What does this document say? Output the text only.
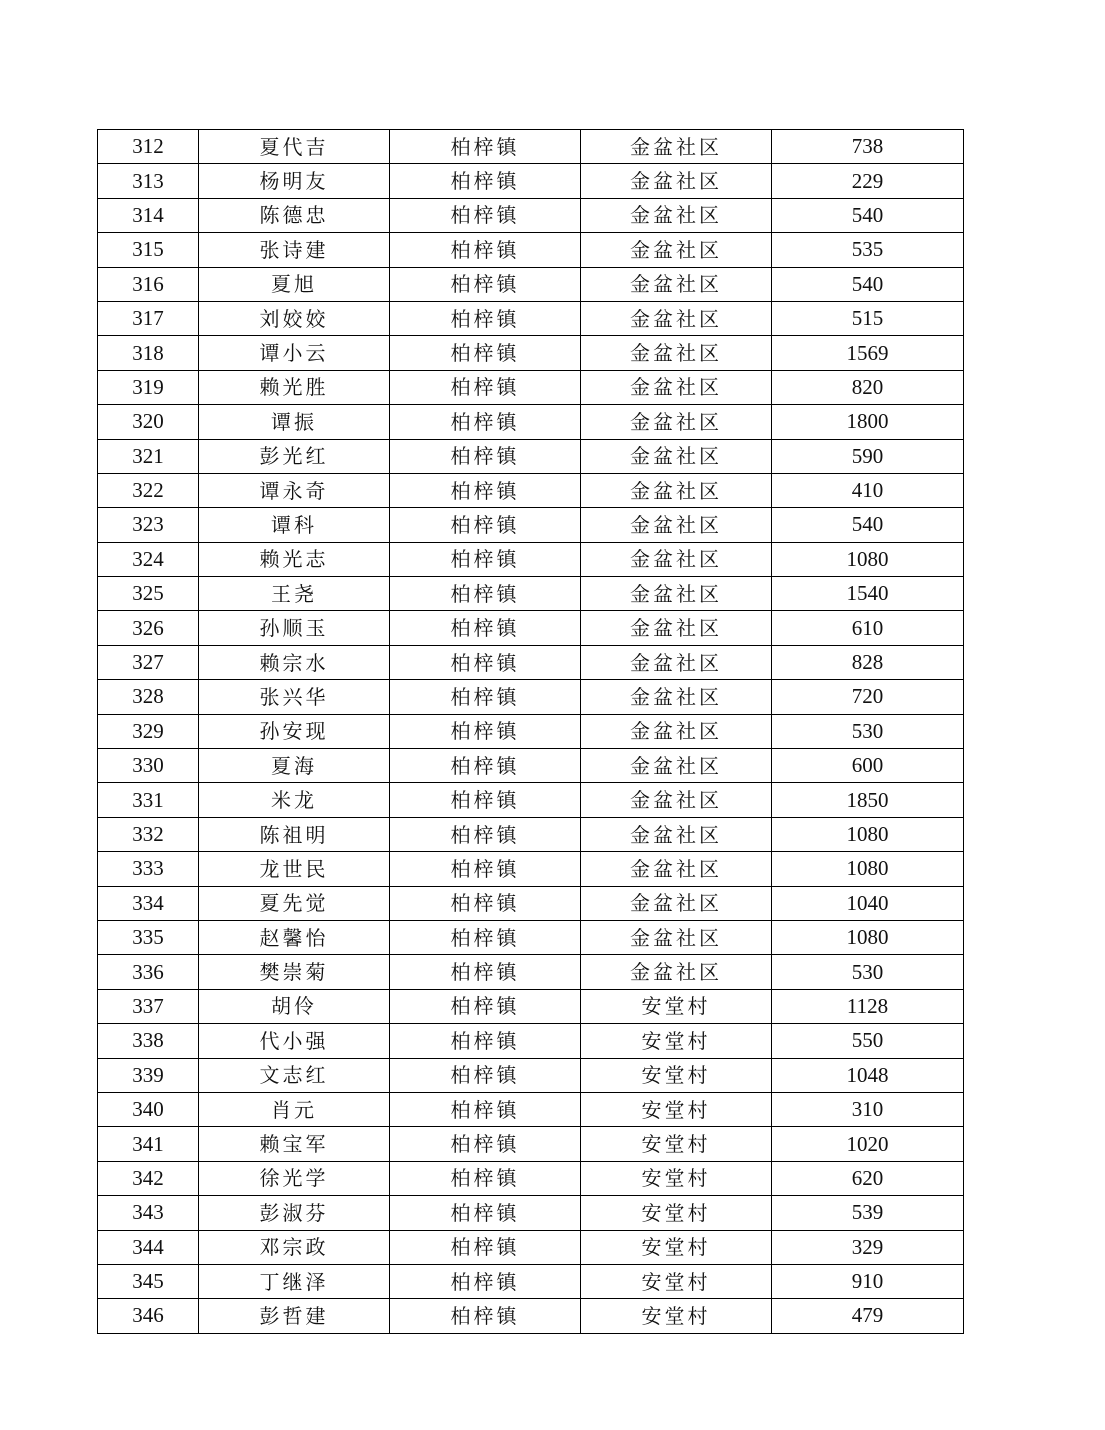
312	夏代吉	柏梓镇	金盆社区	738
313	杨明友	柏梓镇	金盆社区	229
314	陈德忠	柏梓镇	金盆社区	540
315	张诗建	柏梓镇	金盆社区	535
316	夏旭	柏梓镇	金盆社区	540
317	刘姣姣	柏梓镇	金盆社区	515
318	谭小云	柏梓镇	金盆社区	1569
319	赖光胜	柏梓镇	金盆社区	820
320	谭振	柏梓镇	金盆社区	1800
321	彭光红	柏梓镇	金盆社区	590
322	谭永奇	柏梓镇	金盆社区	410
323	谭科	柏梓镇	金盆社区	540
324	赖光志	柏梓镇	金盆社区	1080
325	王尧	柏梓镇	金盆社区	1540
326	孙顺玉	柏梓镇	金盆社区	610
327	赖宗水	柏梓镇	金盆社区	828
328	张兴华	柏梓镇	金盆社区	720
329	孙安现	柏梓镇	金盆社区	530
330	夏海	柏梓镇	金盆社区	600
331	米龙	柏梓镇	金盆社区	1850
332	陈祖明	柏梓镇	金盆社区	1080
333	龙世民	柏梓镇	金盆社区	1080
334	夏先觉	柏梓镇	金盆社区	1040
335	赵馨怡	柏梓镇	金盆社区	1080
336	樊崇菊	柏梓镇	金盆社区	530
337	胡伶	柏梓镇	安堂村	1128
338	代小强	柏梓镇	安堂村	550
339	文志红	柏梓镇	安堂村	1048
340	肖元	柏梓镇	安堂村	310
341	赖宝军	柏梓镇	安堂村	1020
342	徐光学	柏梓镇	安堂村	620
343	彭淑芬	柏梓镇	安堂村	539
344	邓宗政	柏梓镇	安堂村	329
345	丁继泽	柏梓镇	安堂村	910
346	彭哲建	柏梓镇	安堂村	479
